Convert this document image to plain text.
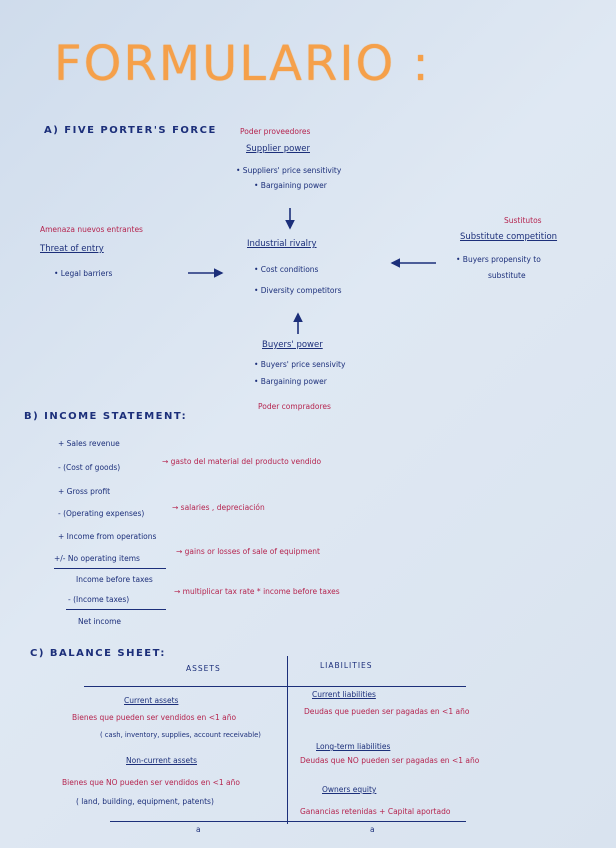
FORMULARIO :
A) FIVE PORTER'S FORCE	Poder proveedores
Supplier power
• Suppliers' price sensitivity
• Bargaining power
Amenaza nuevos entrantes
Threat of entry
• Legal barriers
Industrial rivalry
• Cost conditions
• Diversity competitors
Sustitutos
Substitute competition
• Buyers propensity to
substitute
Buyers' power
• Buyers' price sensivity
• Bargaining power
Poder compradores
B) INCOME STATEMENT:
+ Sales revenue
- (Cost of goods)
→ gasto del material del producto vendido
+ Gross profit
- (Operating expenses)
→ salaries , depreciación
+ Income from operations
+/- No operating items
→ gains or losses of sale of equipment
Income before taxes
- (Income taxes)
→ multiplicar tax rate * income before taxes
Net income
C) BALANCE SHEET:
ASSETS	LIABILITIES
Current assets
Bienes que pueden ser vendidos en <1 año
( cash, inventory, supplies, account receivable)
Non-current assets
Bienes que NO pueden ser vendidos en <1 año
( land, building, equipment, patents)
Current liabilities
Deudas que pueden ser pagadas en <1 año
Long-term liabilities
Deudas que NO pueden ser pagadas en <1 año
Owners equity
Ganancias retenidas + Capital aportado
a	a
